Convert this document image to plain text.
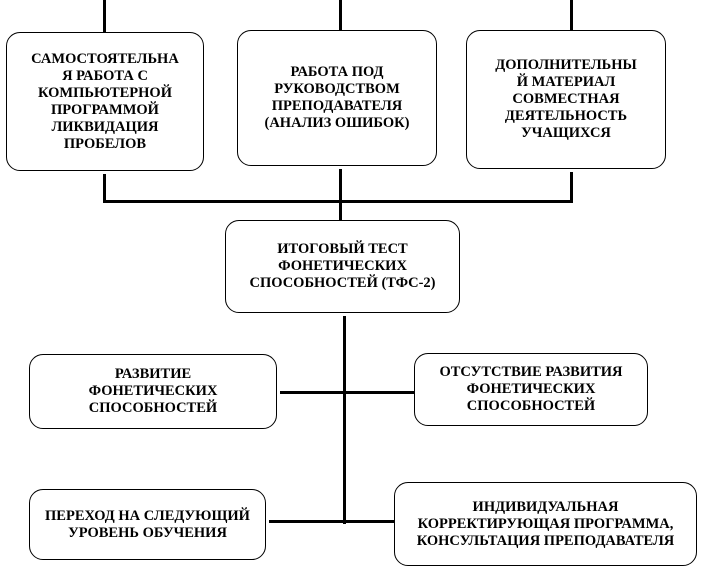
САМОСТОЯТЕЛЬНА
Я РАБОТА С
КОМПЬЮТЕРНОЙ
ПРОГРАММОЙ
ЛИКВИДАЦИЯ
ПРОБЕЛОВ
РАБОТА ПОД
РУКОВОДСТВОМ
ПРЕПОДАВАТЕЛЯ
(АНАЛИЗ ОШИБОК)
ДОПОЛНИТЕЛЬНЫ
Й МАТЕРИАЛ
СОВМЕСТНАЯ
ДЕЯТЕЛЬНОСТЬ
УЧАЩИХСЯ
ИТОГОВЫЙ ТЕСТ
ФОНЕТИЧЕСКИХ
СПОСОБНОСТЕЙ (ТФС-2)
РАЗВИТИЕ
ФОНЕТИЧЕСКИХ
СПОСОБНОСТЕЙ
ОТСУТСТВИЕ РАЗВИТИЯ
ФОНЕТИЧЕСКИХ
СПОСОБНОСТЕЙ
ПЕРЕХОД НА СЛЕДУЮЩИЙ
УРОВЕНЬ ОБУЧЕНИЯ
ИНДИВИДУАЛЬНАЯ
КОРРЕКТИРУЮЩАЯ ПРОГРАММА,
КОНСУЛЬТАЦИЯ ПРЕПОДАВАТЕЛЯ
